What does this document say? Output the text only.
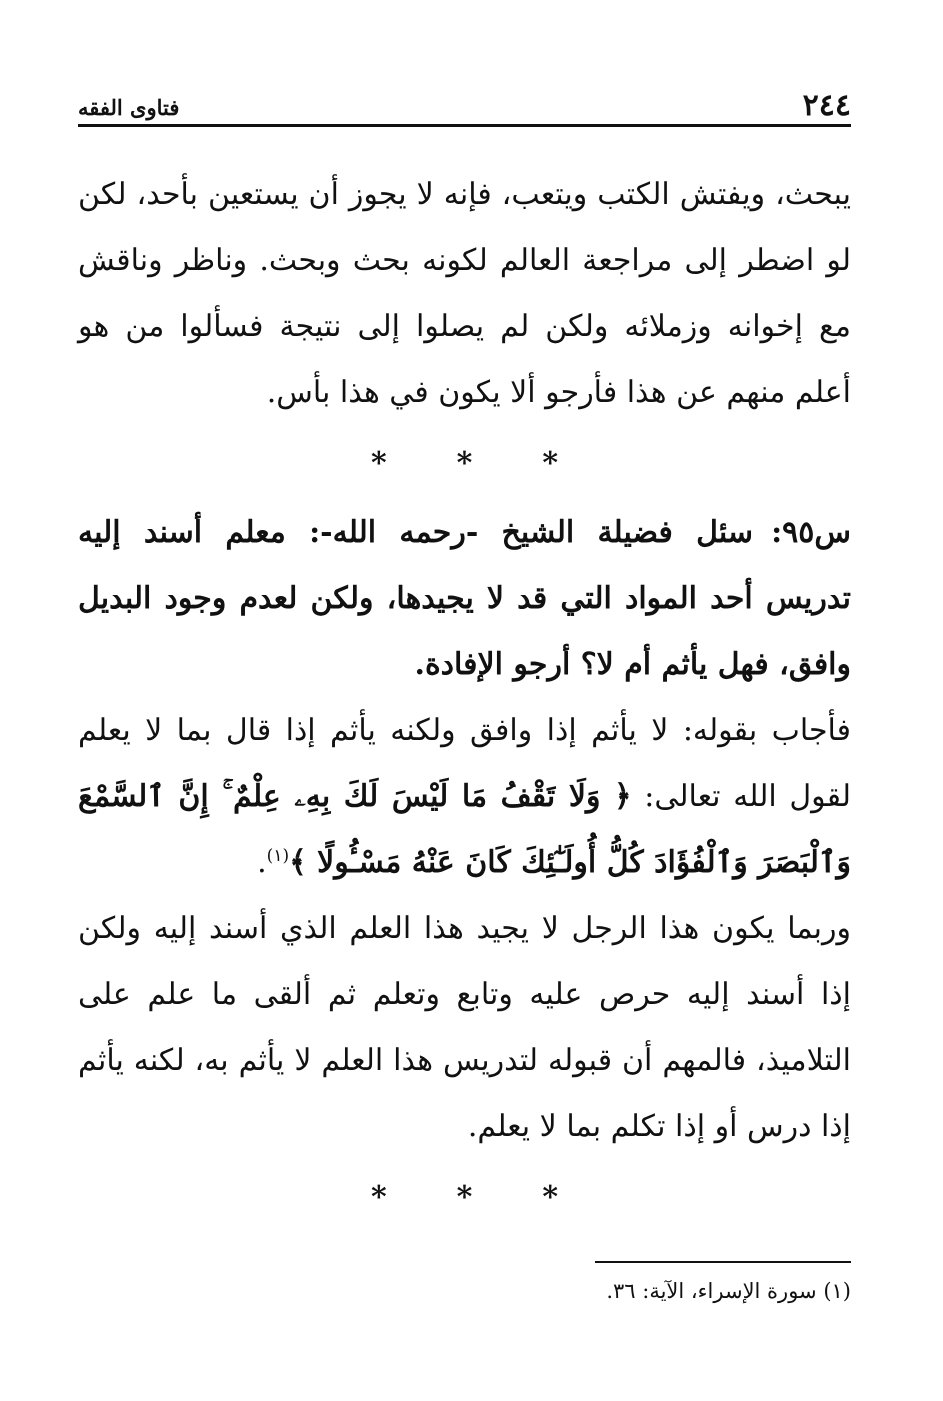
٢٤٤
فتاوى الفقه

يبحث، ويفتش الكتب ويتعب، فإنه لا يجوز أن يستعين بأحد، لكن لو اضطر إلى مراجعة العالم لكونه بحث وبحث. وناظر وناقش مع إخوانه وزملائه ولكن لم يصلوا إلى نتيجة فسألوا من هو أعلم منهم عن هذا فأرجو ألا يكون في هذا بأس.

*
*
*

س٩٥:سئل فضيلة الشيخ -رحمه الله-: معلم أسند إليه تدريس أحد المواد التي قد لا يجيدها، ولكن لعدم وجود البديل وافق، فهل يأثم أم لا؟ أرجو الإفادة.

فأجاب بقوله: لا يأثم إذا وافق ولكنه يأثم إذا قال بما لا يعلم لقول الله تعالى: ﴿ وَلَا تَقْفُ مَا لَيْسَ لَكَ بِهِۦ عِلْمٌ ۚ إِنَّ ٱلسَّمْعَ وَٱلْبَصَرَ وَٱلْفُؤَادَ كُلُّ أُولَـٰٓئِكَ كَانَ عَنْهُ مَسْـُٔولًا ﴾$^{(١)}$.

وربما يكون هذا الرجل لا يجيد هذا العلم الذي أسند إليه ولكن إذا أسند إليه حرص عليه وتابع وتعلم ثم ألقى ما علم على التلاميذ، فالمهم أن قبوله لتدريس هذا العلم لا يأثم به، لكنه يأثم إذا درس أو إذا تكلم بما لا يعلم.

*
*
*
(١) سورة الإسراء، الآية: ٣٦.
